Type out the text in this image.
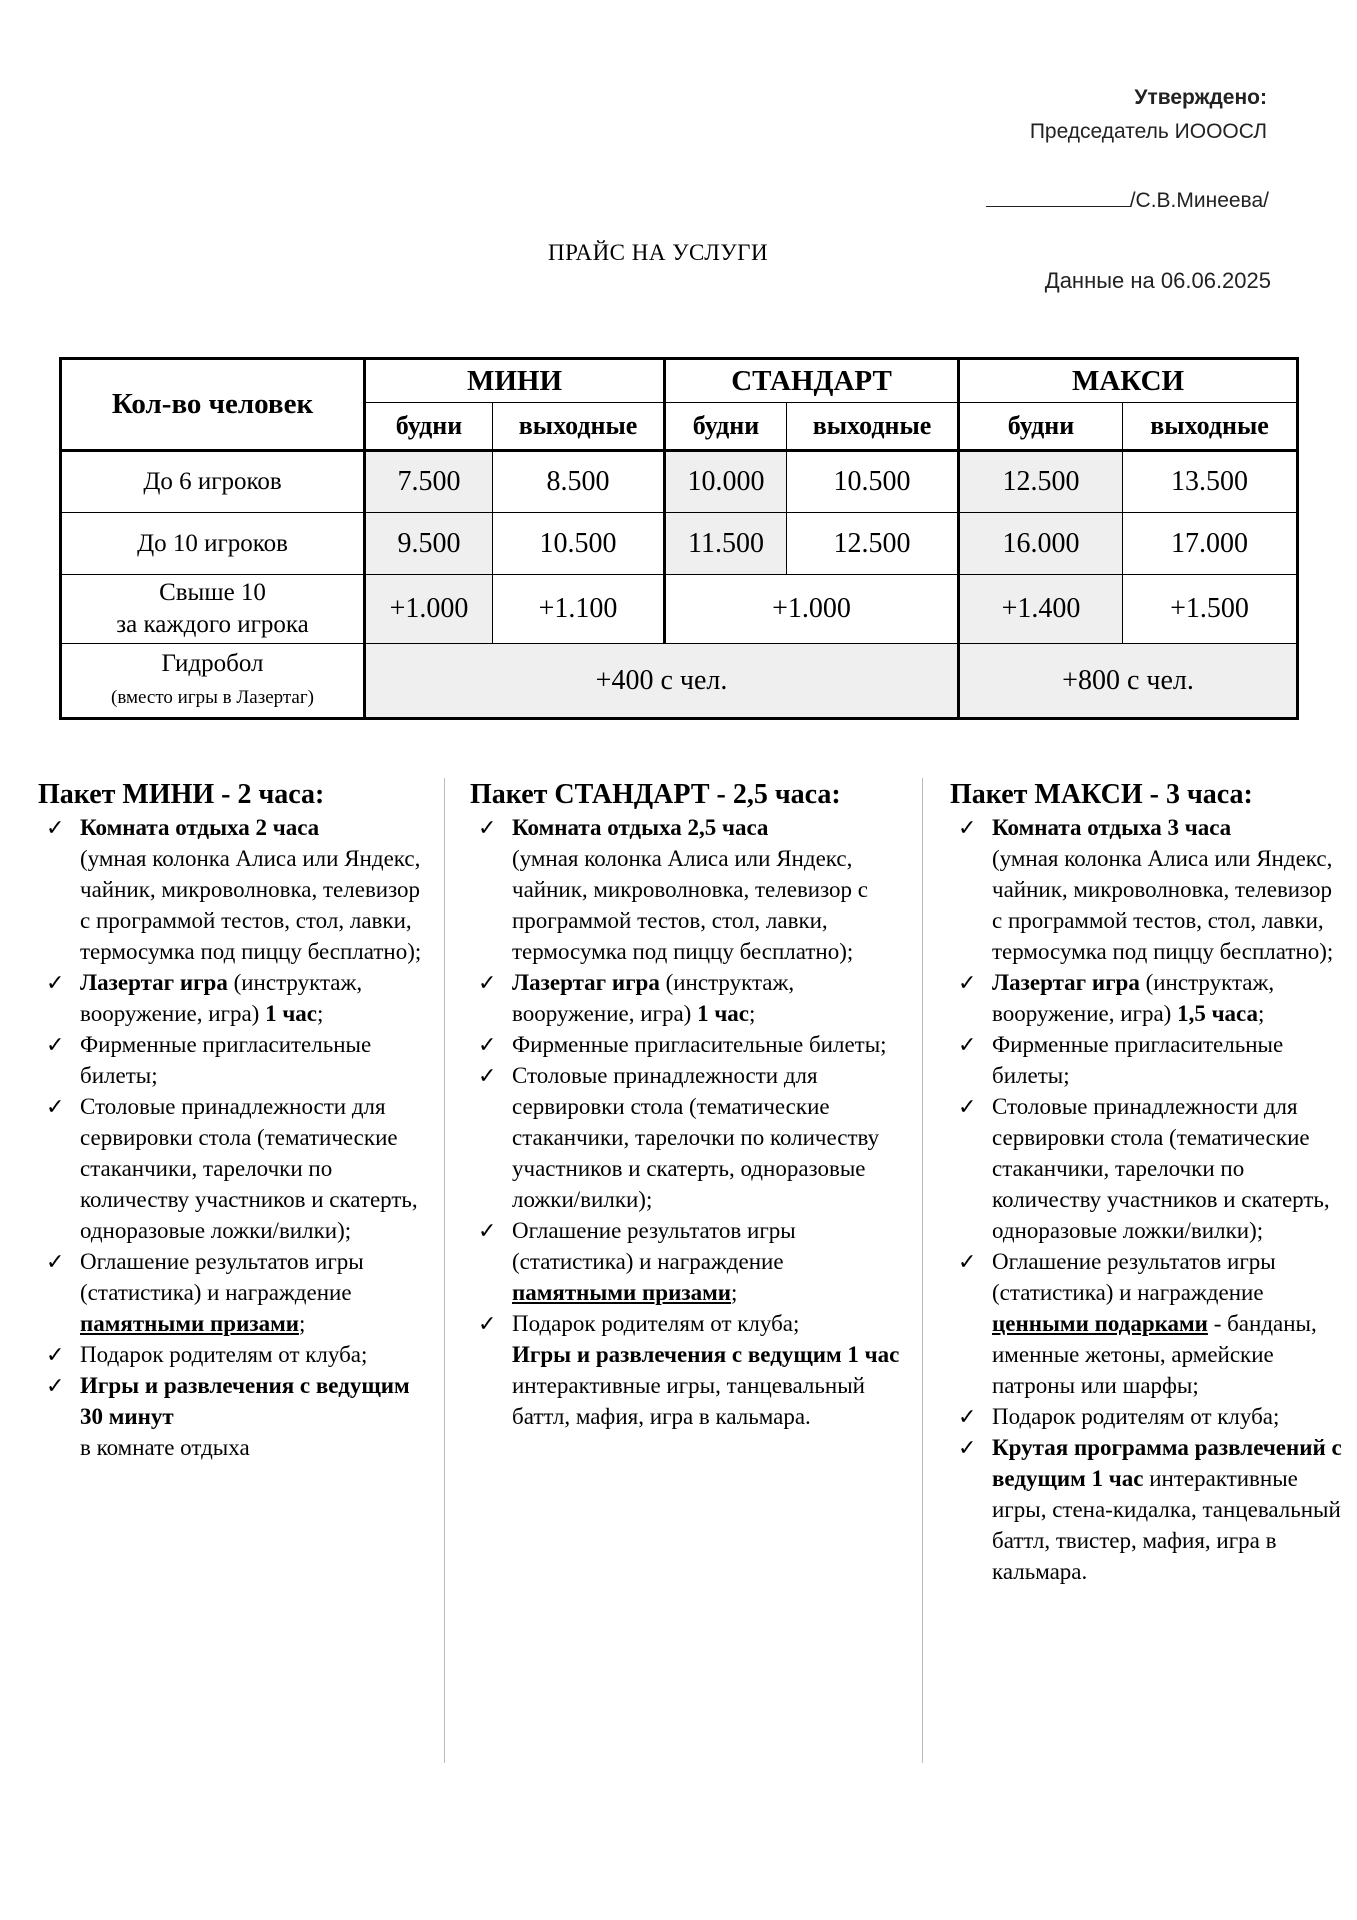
Утверждено:
Председатель ИОООСЛ
/С.В.Минеева/
ПРАЙС НА УСЛУГИ
Данные на 06.06.2025
Кол-во человек	МИНИ		СТАНДАРТ		МАКСИ	
	будни	выходные	будни	выходные	будни	выходные
До 6 игроков	7.500	8.500	10.000	10.500	12.500	13.500
До 10 игроков	9.500	10.500	11.500	12.500	16.000	17.000

Свыше 10
за каждого игрока	+1.000	+1.100	+1.000		+1.400	+1.500

Гидробол
(вместо игры в Лазертаг)	+400 с чел.				+800 с чел.	
Пакет МИНИ - 2 часа:
✓ Комната отдыха 2 часа
(умная колонка Алиса или Яндекс, чайник, микроволновка, телевизор с программой тестов, стол, лавки, термосумка под пиццу бесплатно);
✓ Лазертаг игра (инструктаж, вооружение, игра) 1 час;
✓ Фирменные пригласительные билеты;
✓ Столовые принадлежности для сервировки стола (тематические стаканчики, тарелочки по количеству участников и скатерть, одноразовые ложки/вилки);
✓ Оглашение результатов игры (статистика) и награждение памятными призами;
✓ Подарок родителям от клуба;
✓ Игры и развлечения с ведущим 30 минут
в комнате отдыха
Пакет СТАНДАРТ - 2,5 часа:
✓ Комната отдыха 2,5 часа
(умная колонка Алиса или Яндекс, чайник, микроволновка, телевизор с программой тестов, стол, лавки, термосумка под пиццу бесплатно);
✓ Лазертаг игра (инструктаж, вооружение, игра) 1 час;
✓ Фирменные пригласительные билеты;
✓ Столовые принадлежности для сервировки стола (тематические стаканчики, тарелочки по количеству участников и скатерть, одноразовые ложки/вилки);
✓ Оглашение результатов игры (статистика) и награждение памятными призами;
✓ Подарок родителям от клуба;
Игры и развлечения с ведущим 1 час интерактивные игры, танцевальный баттл, мафия, игра в кальмара.
Пакет МАКСИ - 3 часа:
✓ Комната отдыха 3 часа
(умная колонка Алиса или Яндекс, чайник, микроволновка, телевизор с программой тестов, стол, лавки, термосумка под пиццу бесплатно);
✓ Лазертаг игра (инструктаж, вооружение, игра) 1,5 часа;
✓ Фирменные пригласительные билеты;
✓ Столовые принадлежности для сервировки стола (тематические стаканчики, тарелочки по количеству участников и скатерть, одноразовые ложки/вилки);
✓ Оглашение результатов игры (статистика) и награждение ценными подарками - банданы, именные жетоны, армейские патроны или шарфы;
✓ Подарок родителям от клуба;
✓ Крутая программа развлечений с ведущим 1 час интерактивные игры, стена-кидалка, танцевальный баттл, твистер, мафия, игра в кальмара.
